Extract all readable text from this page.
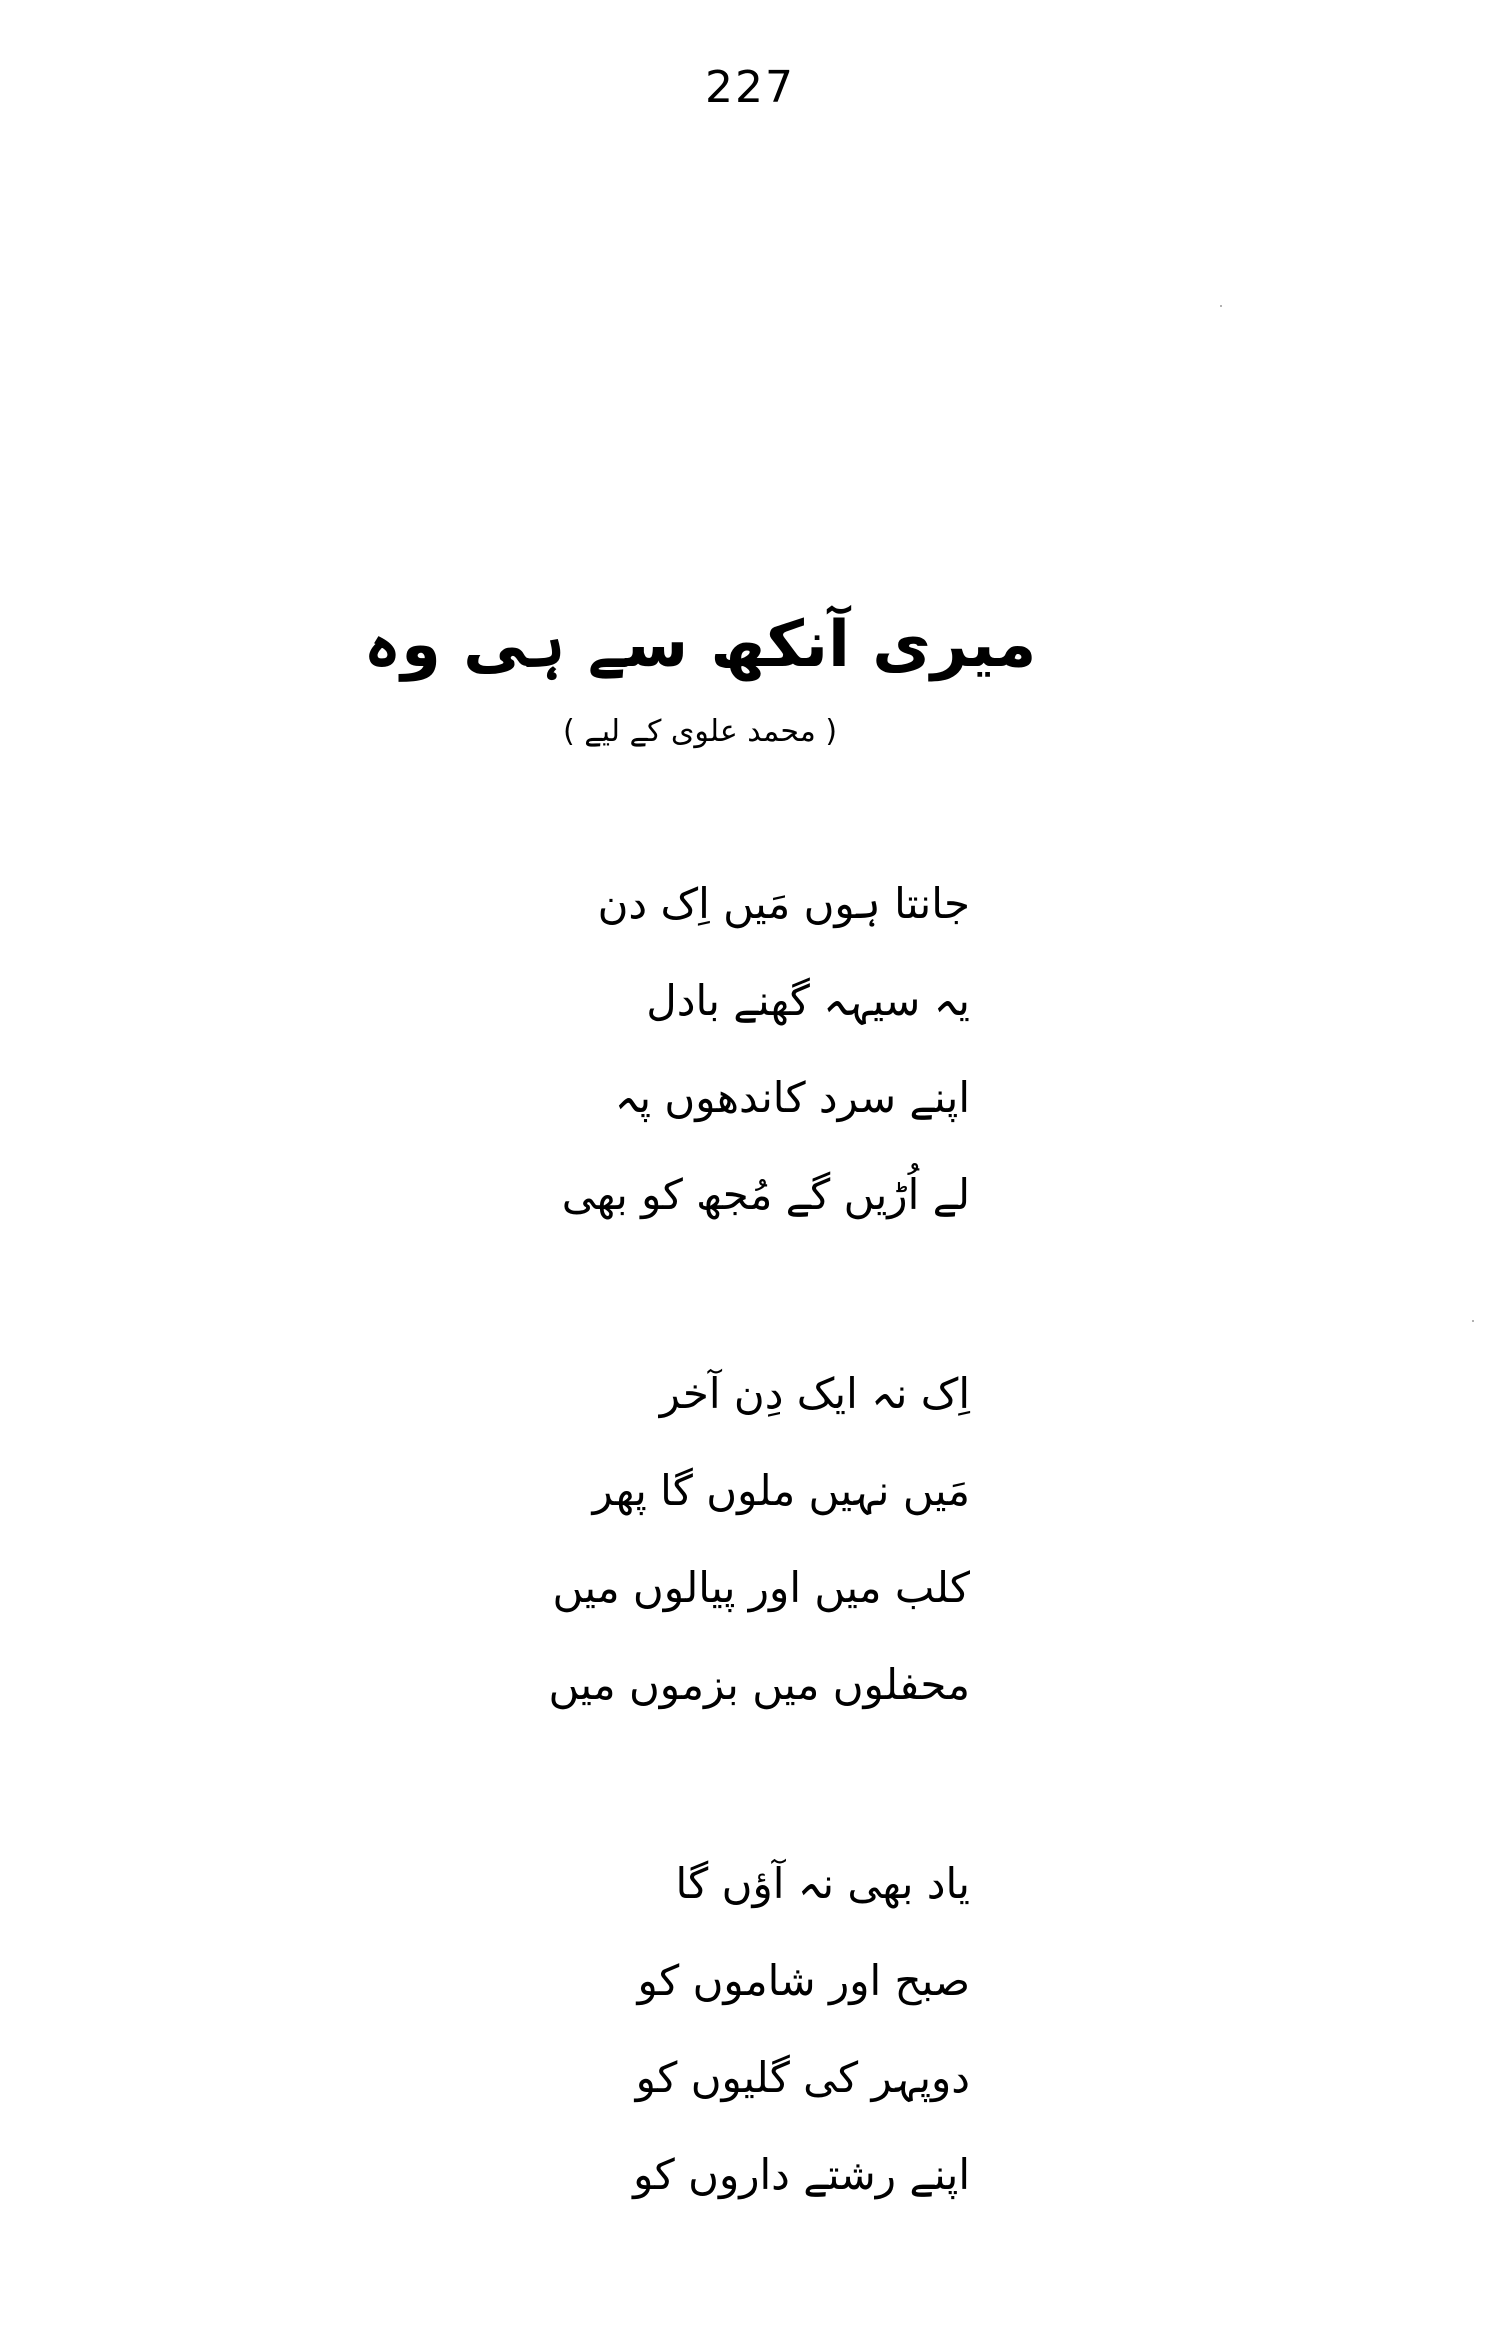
227
میری آنکھ سے ہی وہ
( محمد علوی کے لیے )
جانتا ہوں مَیں اِک دن
یہ سیہہ گھنے بادل
اپنے سرد کاندھوں پہ
لے اُڑیں گے مُجھ کو بھی
اِک نہ ایک دِن آخر
مَیں نہیں ملوں گا پھر
کلب میں اور پیالوں میں
محفلوں میں بزموں میں
یاد بھی نہ آؤں گا
صبح اور شاموں کو
دوپہر کی گلیوں کو
اپنے رشتے داروں کو
